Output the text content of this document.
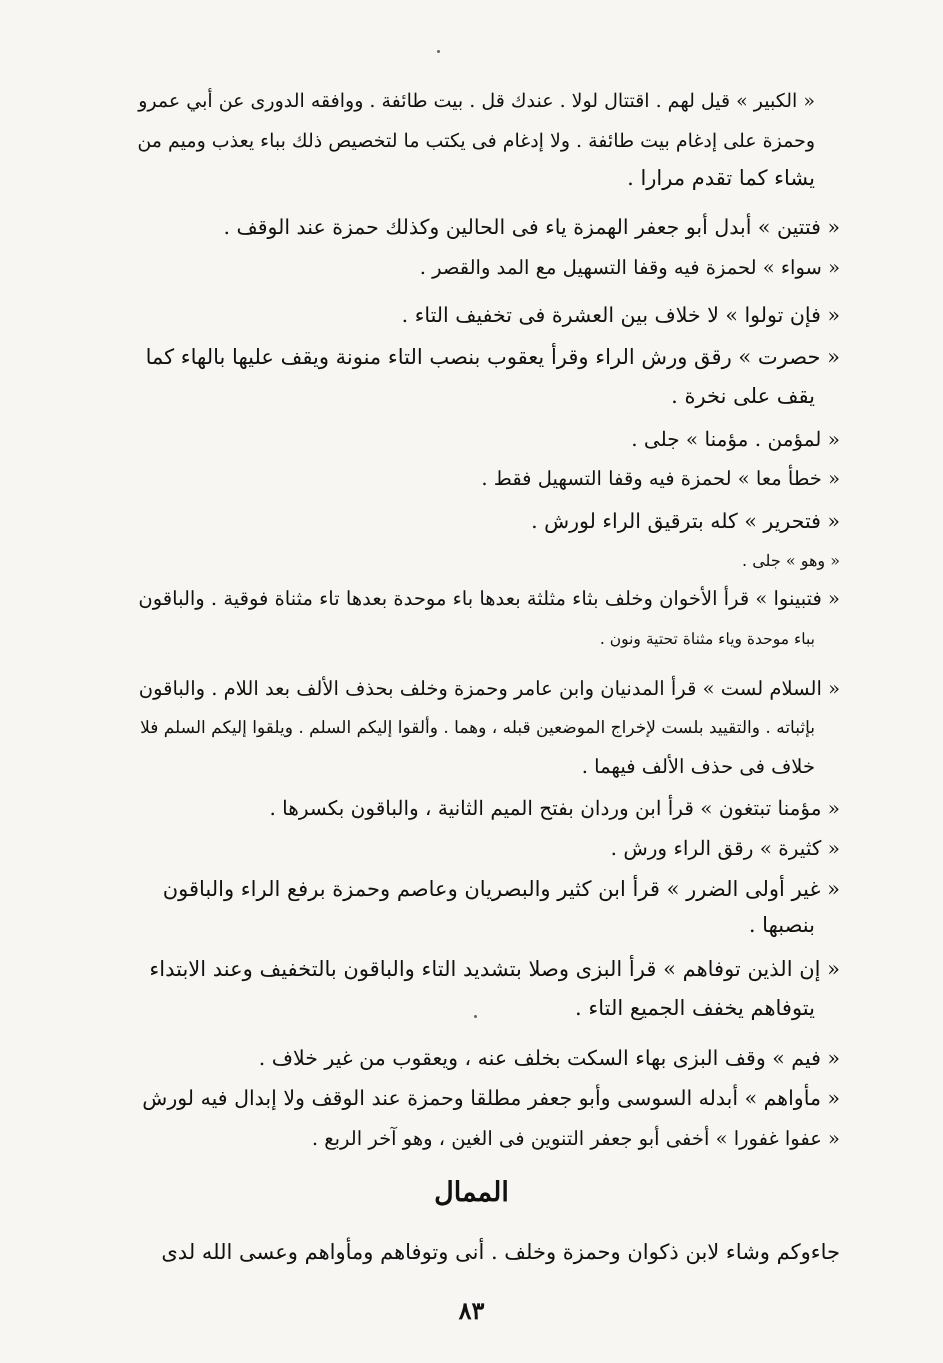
« الكبير » قيل لهم . اقتتال لولا . عندك قل . بيت طائفة . ووافقه الدورى عن أبي عمرو
وحمزة على إدغام بيت طائفة . ولا إدغام فى يكتب ما لتخصيص ذلك بباء يعذب وميم من
يشاء كما تقدم مرارا .
« فتتين » أبدل أبو جعفر الهمزة ياء فى الحالين وكذلك حمزة عند الوقف .
« سواء » لحمزة فيه وقفا التسهيل مع المد والقصر .
« فإن تولوا » لا خلاف بين العشرة فى تخفيف التاء .
« حصرت » رقق ورش الراء وقرأ يعقوب بنصب التاء منونة ويقف عليها بالهاء كما
يقف على نخرة .
« لمؤمن . مؤمنا » جلى .
« خطأ معا » لحمزة فيه وقفا التسهيل فقط .
« فتحرير » كله بترقيق الراء لورش .
« وهو » جلى .
« فتبينوا » قرأ الأخوان وخلف بثاء مثلثة بعدها باء موحدة بعدها تاء مثناة فوقية . والباقون
بباء موحدة وياء مثناة تحتية ونون .
« السلام لست » قرأ المدنيان وابن عامر وحمزة وخلف بحذف الألف بعد اللام . والباقون
بإثباته . والتقييد بلست لإخراج الموضعين قبله ، وهما . وألقوا إليكم السلم . ويلقوا إليكم السلم فلا
خلاف فى حذف الألف فيهما .
« مؤمنا تبتغون » قرأ ابن وردان بفتح الميم الثانية ، والباقون بكسرها .
« كثيرة » رقق الراء ورش .
« غير أولى الضرر » قرأ ابن كثير والبصريان وعاصم وحمزة برفع الراء والباقون
بنصبها .
« إن الذين توفاهم » قرأ البزى وصلا بتشديد التاء والباقون بالتخفيف وعند الابتداء
يتوفاهم يخفف الجميع التاء .
« فيم » وقف البزى بهاء السكت بخلف عنه ، ويعقوب من غير خلاف .
« مأواهم » أبدله السوسى وأبو جعفر مطلقا وحمزة عند الوقف ولا إبدال فيه لورش
« عفوا غفورا » أخفى أبو جعفر التنوين فى الغين ، وهو آخر الربع .
الممال
جاءوكم وشاء لابن ذكوان وحمزة وخلف . أنى وتوفاهم ومأواهم وعسى الله لدى
٨٣
